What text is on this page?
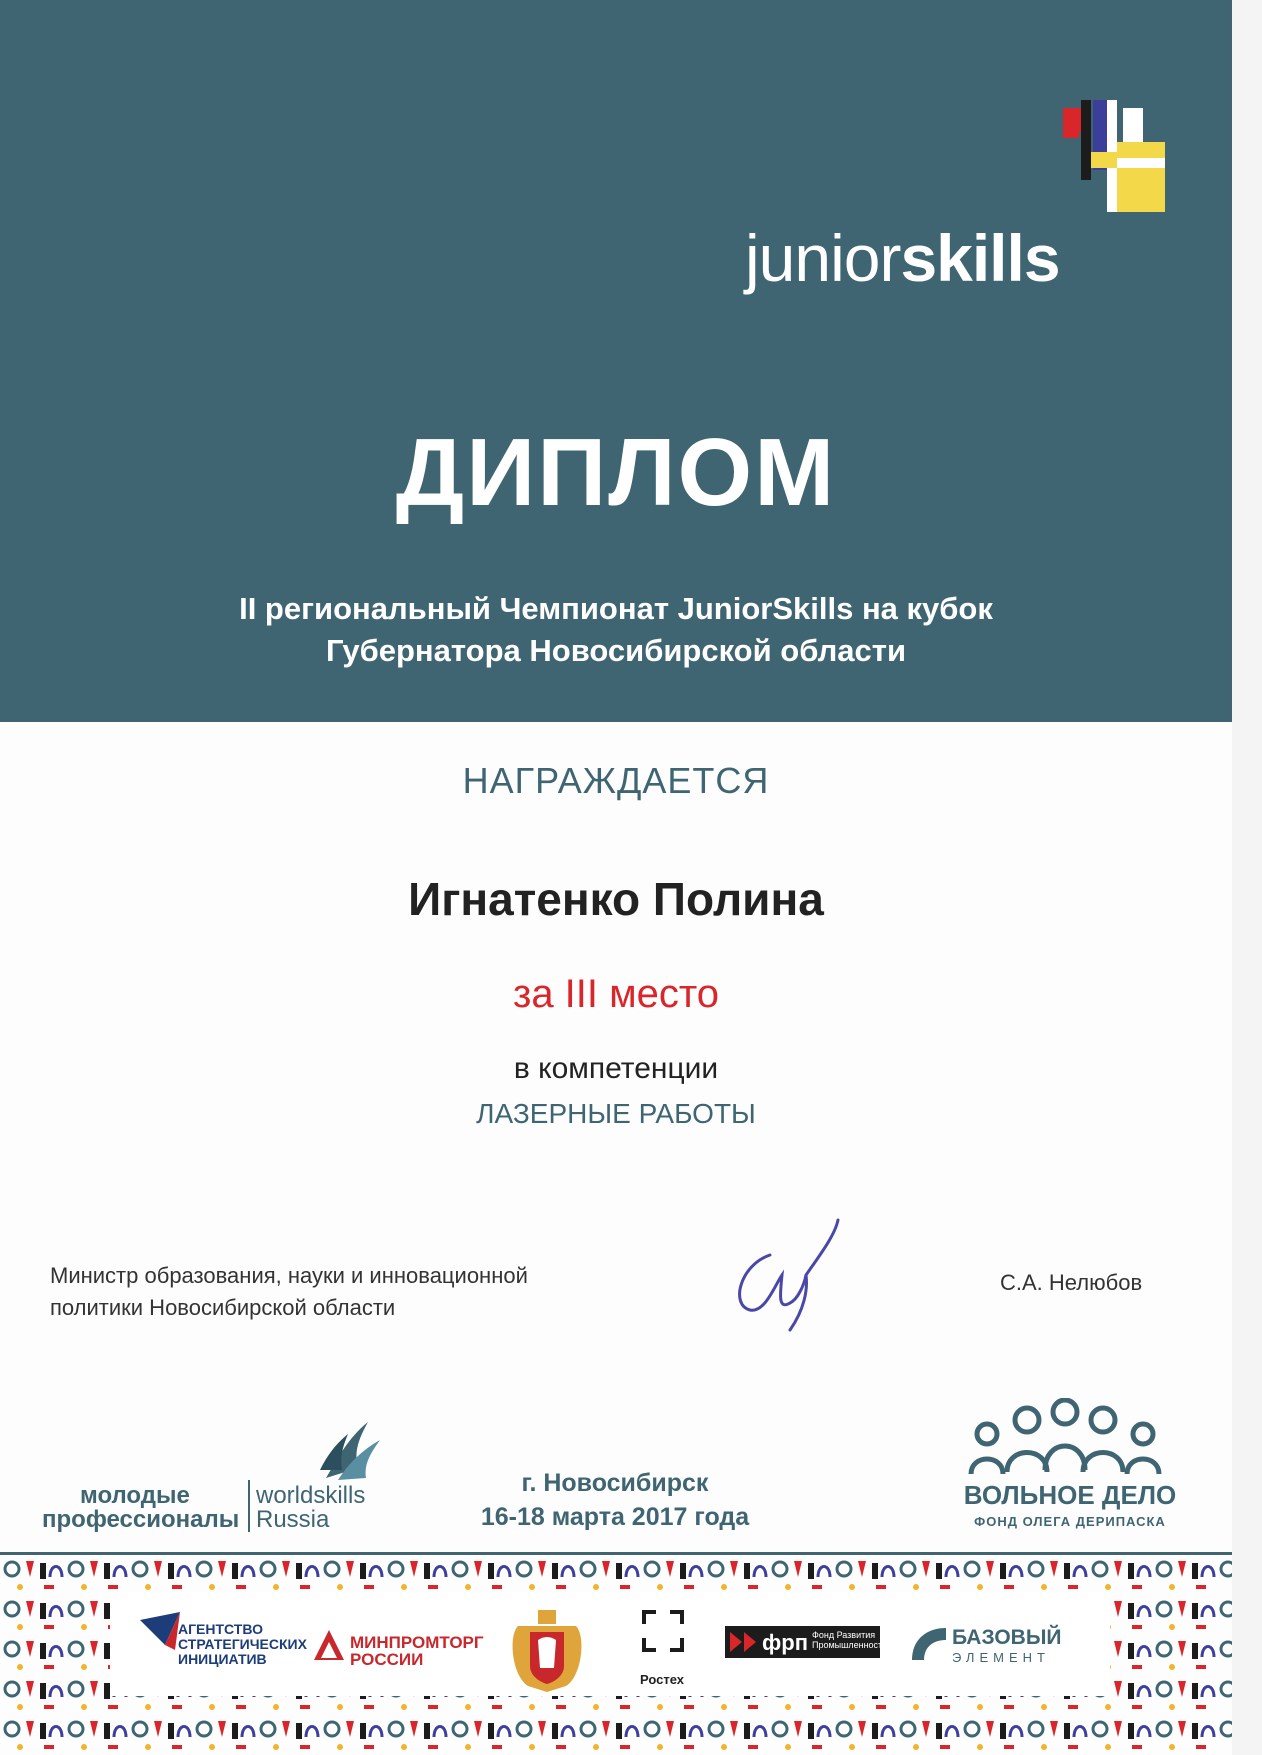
juniorskills
ДИПЛОМ
II региональный Чемпионат JuniorSkills на кубок
Губернатора Новосибирской области
НАГРАЖДАЕТСЯ
Игнатенко Полина
за III место
в компетенции
ЛАЗЕРНЫЕ РАБОТЫ
Министр образования, науки и инновационной
политики Новосибирской области
С.А. Нелюбов
молодые
профессионалы
worldskills
Russia
г. Новосибирск
16-18 марта 2017 года
ВОЛЬНОЕ ДЕЛО
ФОНД ОЛЕГА ДЕРИПАСКА
АГЕНТСТВО
СТРАТЕГИЧЕСКИХ
ИНИЦИАТИВ
МИНПРОМТОРГ
РОССИИ
Ростех
фрп Фонд Развития
Промышленности	БАЗОВЫЙ
ЭЛЕМЕНТ
